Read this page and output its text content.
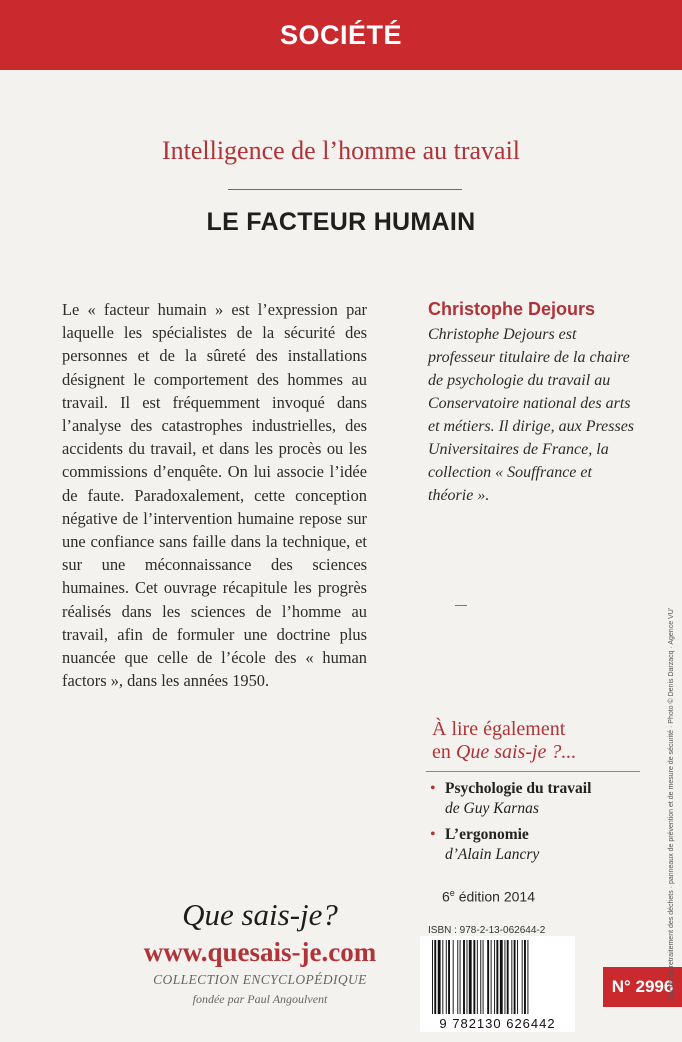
SOCIÉTÉ
Intelligence de l’homme au travail
LE FACTEUR HUMAIN
Le « facteur humain » est l’expression par laquelle les spécialistes de la sécurité des personnes et de la sûreté des installations désignent le comportement des hommes au travail. Il est fréquemment invoqué dans l’analyse des catastrophes industrielles, des accidents du travail, et dans les procès ou les commissions d’enquête. On lui associe l’idée de faute. Paradoxalement, cette conception négative de l’intervention humaine repose sur une confiance sans faille dans la technique, et sur une méconnaissance des sciences humaines. Cet ouvrage récapitule les progrès réalisés dans les sciences de l’homme au travail, afin de formuler une doctrine plus nuancée que celle de l’école des « human factors », dans les années 1950.
Christophe Dejours
Christophe Dejours est professeur titulaire de la chaire de psychologie du travail au Conservatoire national des arts et métiers. Il dirige, aux Presses Universitaires de France, la collection « Souffrance et théorie ».
À lire également
en Que sais-je ?...
• Psychologie du travail
de Guy Karnas
• L’ergonomie
d’Alain Lancry
6e édition 2014
ISBN : 978-2-13-062644-2
9 782130 626442
N° 2996
Centre de retraitement des déchets · panneaux de prévention et de mesure de sécurité · Photo © Denis Darzacq · Agence VU’
Que sais-je?
www.quesais-je.com
COLLECTION ENCYCLOPÉDIQUE
fondée par Paul Angoulvent
